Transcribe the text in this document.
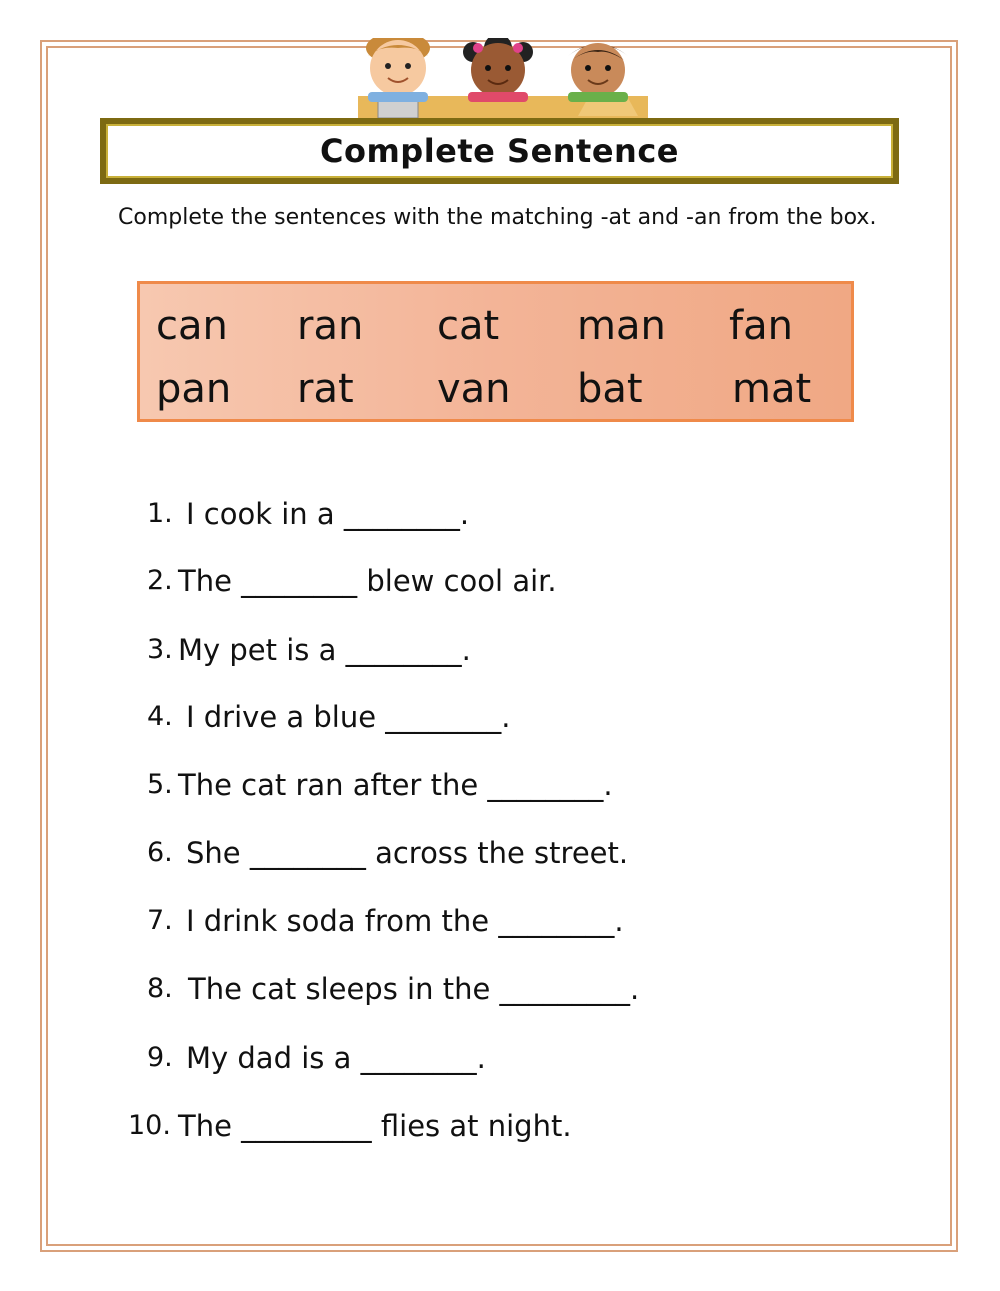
Complete Sentence
Complete the sentences with the matching -at and -an from the box.
can ran cat man fan
pan rat van bat mat
1. I cook in a ________.
2. The ________ blew cool air.
3. My pet is a ________.
4. I drive a blue ________.
5. The cat ran after the ________.
6. She ________ across the street.
7. I drink soda from the ________.
8. The cat sleeps in the _________.
9. My dad is a ________.
10. The _________ flies at night.
